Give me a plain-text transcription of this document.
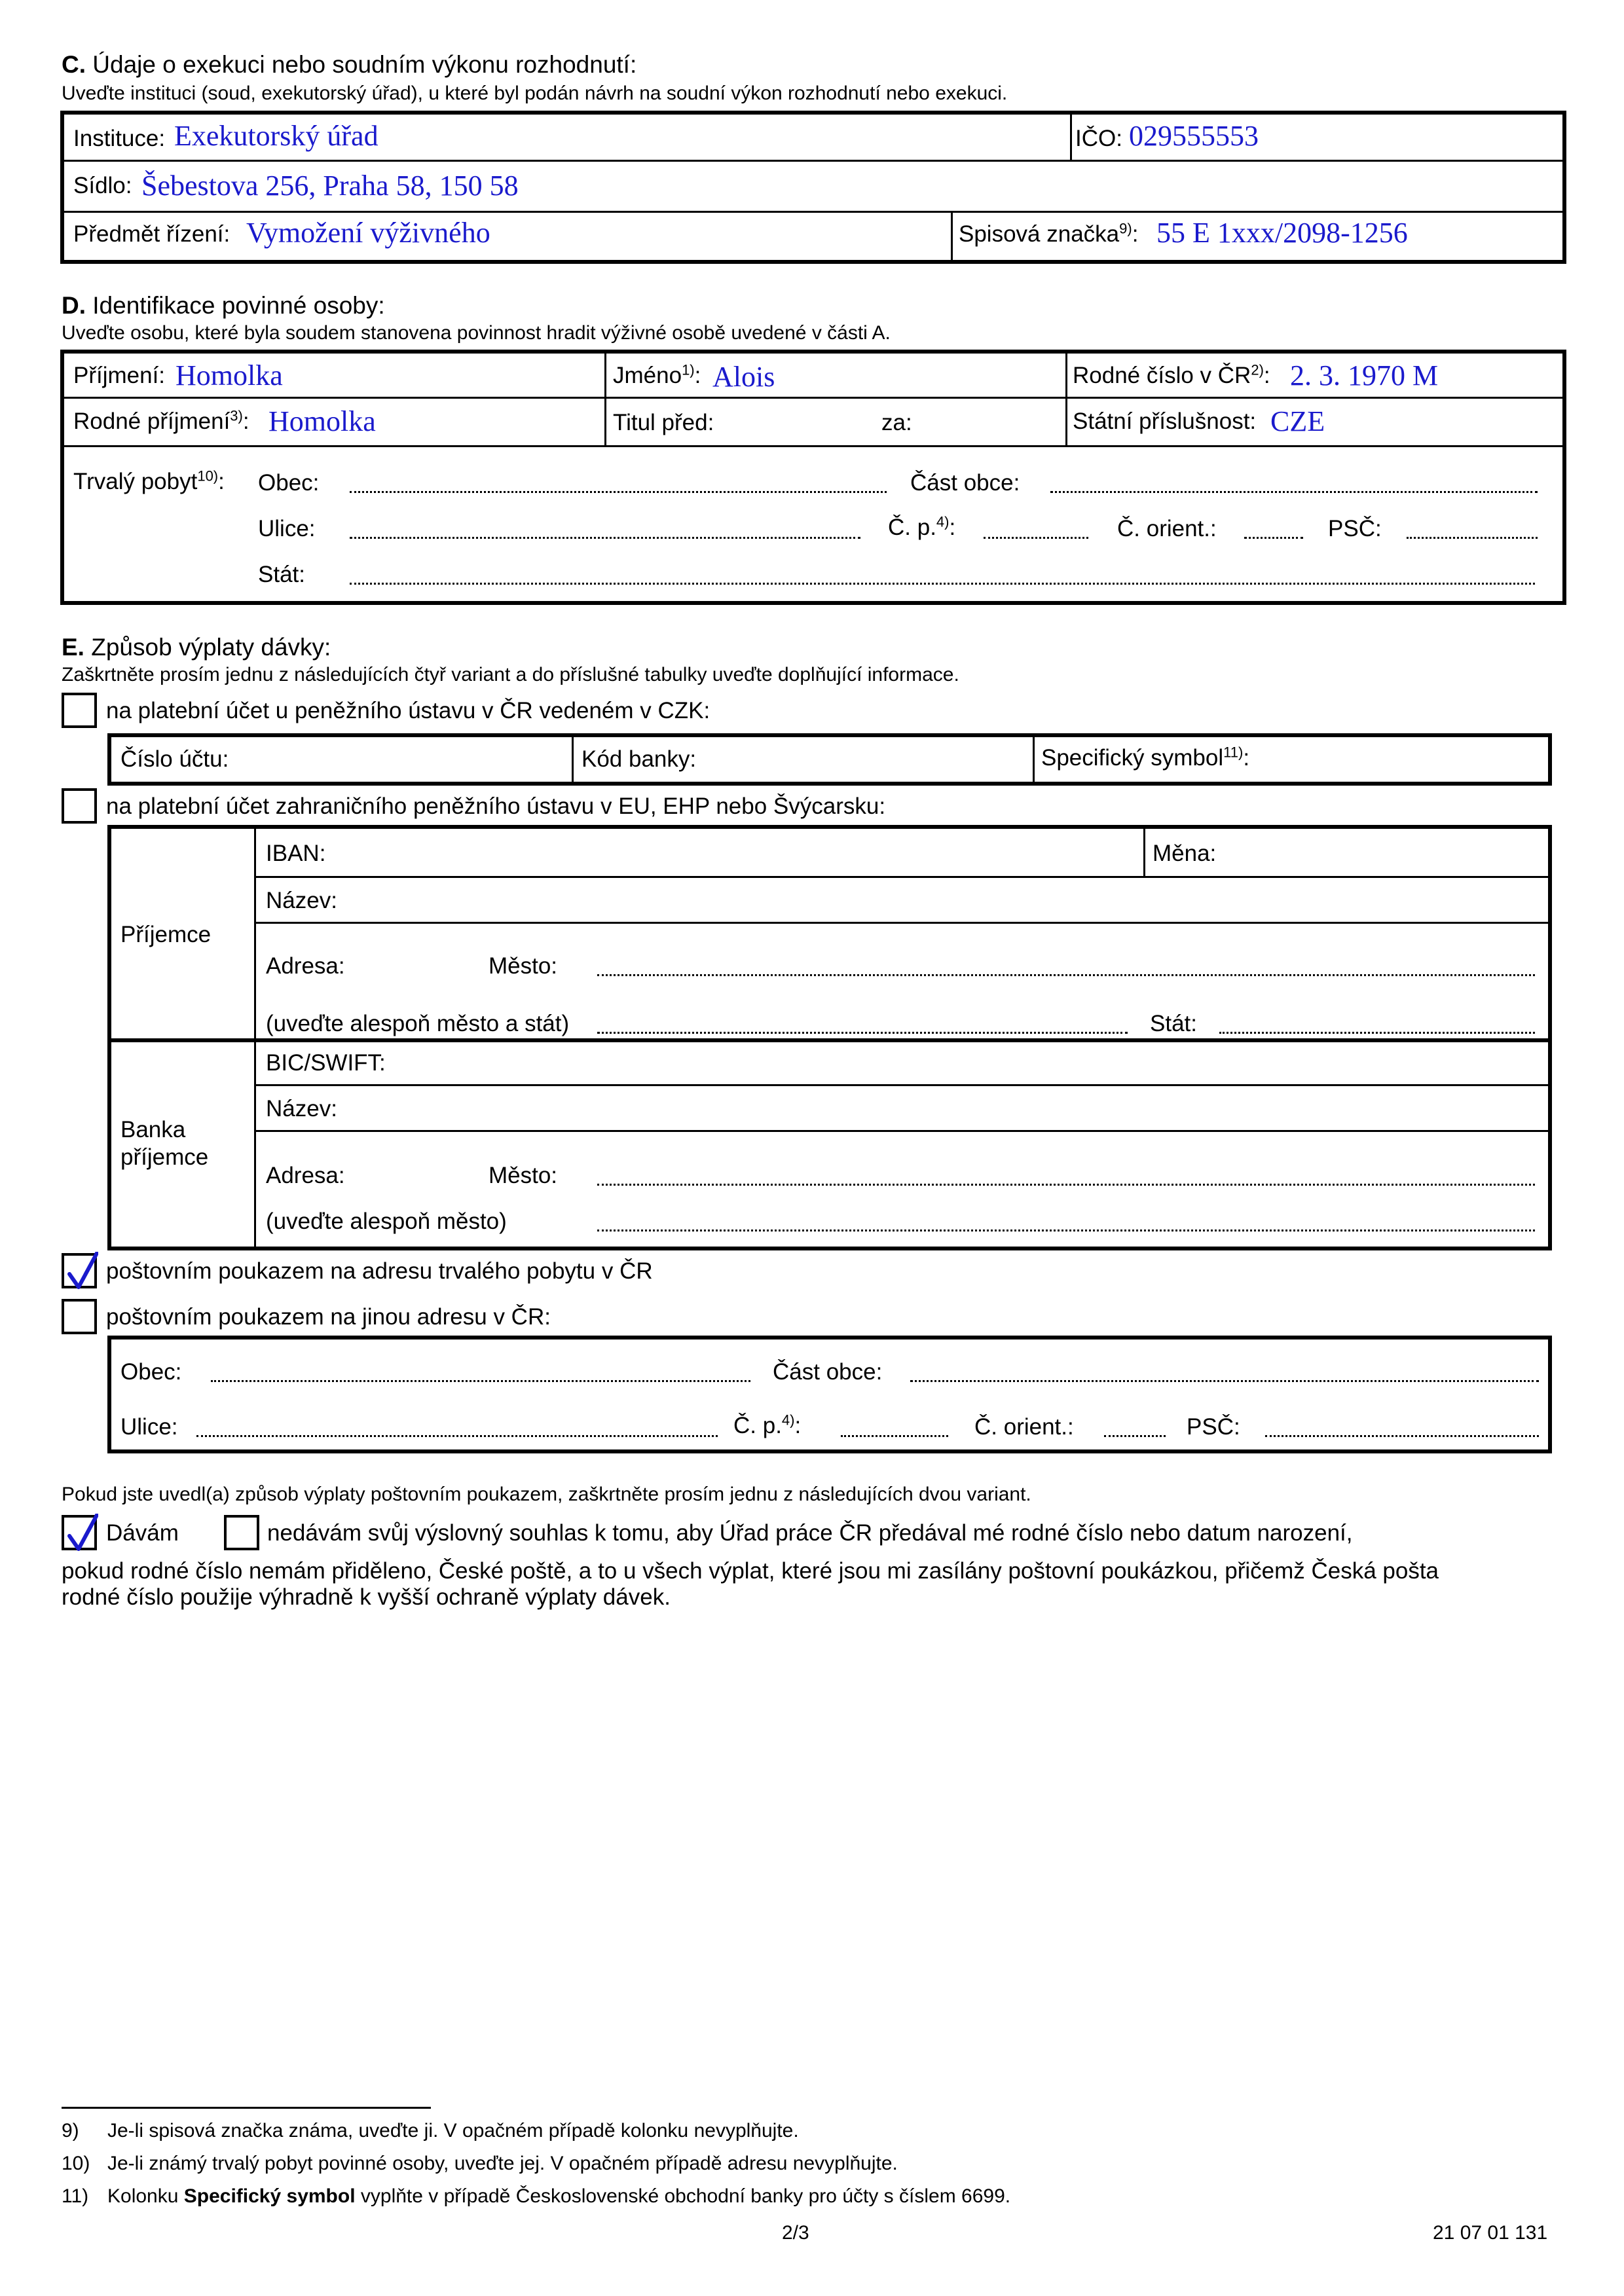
C. Údaje o exekuci nebo soudním výkonu rozhodnutí:
Uveďte instituci (soud, exekutorský úřad), u které byl podán návrh na soudní výkon rozhodnutí nebo exekuci.
Instituce: Exekutorský úřad	IČO: 029555553
Sídlo: Šebestova 256, Praha 58, 150 58
Předmět řízení: Vymožení výživného	Spisová značka$^{9)}$: 55 E 1xxx/2098-1256
D. Identifikace povinné osoby:
Uveďte osobu, které byla soudem stanovena povinnost hradit výživné osobě uvedené v části A.
Příjmení: Homolka	Jméno$^{1)}$: Alois	Rodné číslo v ČR$^{2)}$: 2. 3. 1970 M
Rodné příjmení$^{3)}$: Homolka	Titul před:	za:	Státní příslušnost: CZE
Trvalý pobyt$^{10)}$: Obec:	Část obce:
Ulice:	Č. p.$^{4)}$:	Č. orient.:	PSČ:
Stát:
E. Způsob výplaty dávky:
Zaškrtněte prosím jednu z následujících čtyř variant a do příslušné tabulky uveďte doplňující informace.
na platební účet u peněžního ústavu v ČR vedeném v CZK:
Číslo účtu:	Kód banky:	Specifický symbol$^{11)}$:
na platební účet zahraničního peněžního ústavu v EU, EHP nebo Švýcarsku:
Příjemce
IBAN:	Měna:
Název:
Adresa:	Město:
(uveďte alespoň město a stát)	Stát:
Banka
příjemce
BIC/SWIFT:
Název:
Adresa:	Město:
(uveďte alespoň město)
poštovním poukazem na adresu trvalého pobytu v ČR
poštovním poukazem na jinou adresu v ČR:
Obec:	Část obce:
Ulice:	Č. p.$^{4)}$:	Č. orient.:	PSČ:
Pokud jste uvedl(a) způsob výplaty poštovním poukazem, zaškrtněte prosím jednu z následujících dvou variant.
Dávám	nedávám svůj výslovný souhlas k tomu, aby Úřad práce ČR předával mé rodné číslo nebo datum narození,
pokud rodné číslo nemám přiděleno, České poště, a to u všech výplat, které jsou mi zasílány poštovní poukázkou, přičemž Česká pošta
rodné číslo použije výhradně k vyšší ochraně výplaty dávek.
9) Je-li spisová značka známa, uveďte ji. V opačném případě kolonku nevyplňujte.
10) Je-li známý trvalý pobyt povinné osoby, uveďte jej. V opačném případě adresu nevyplňujte.
11) Kolonku Specifický symbol vyplňte v případě Československé obchodní banky pro účty s číslem 6699.
2/3	21 07 01 131
